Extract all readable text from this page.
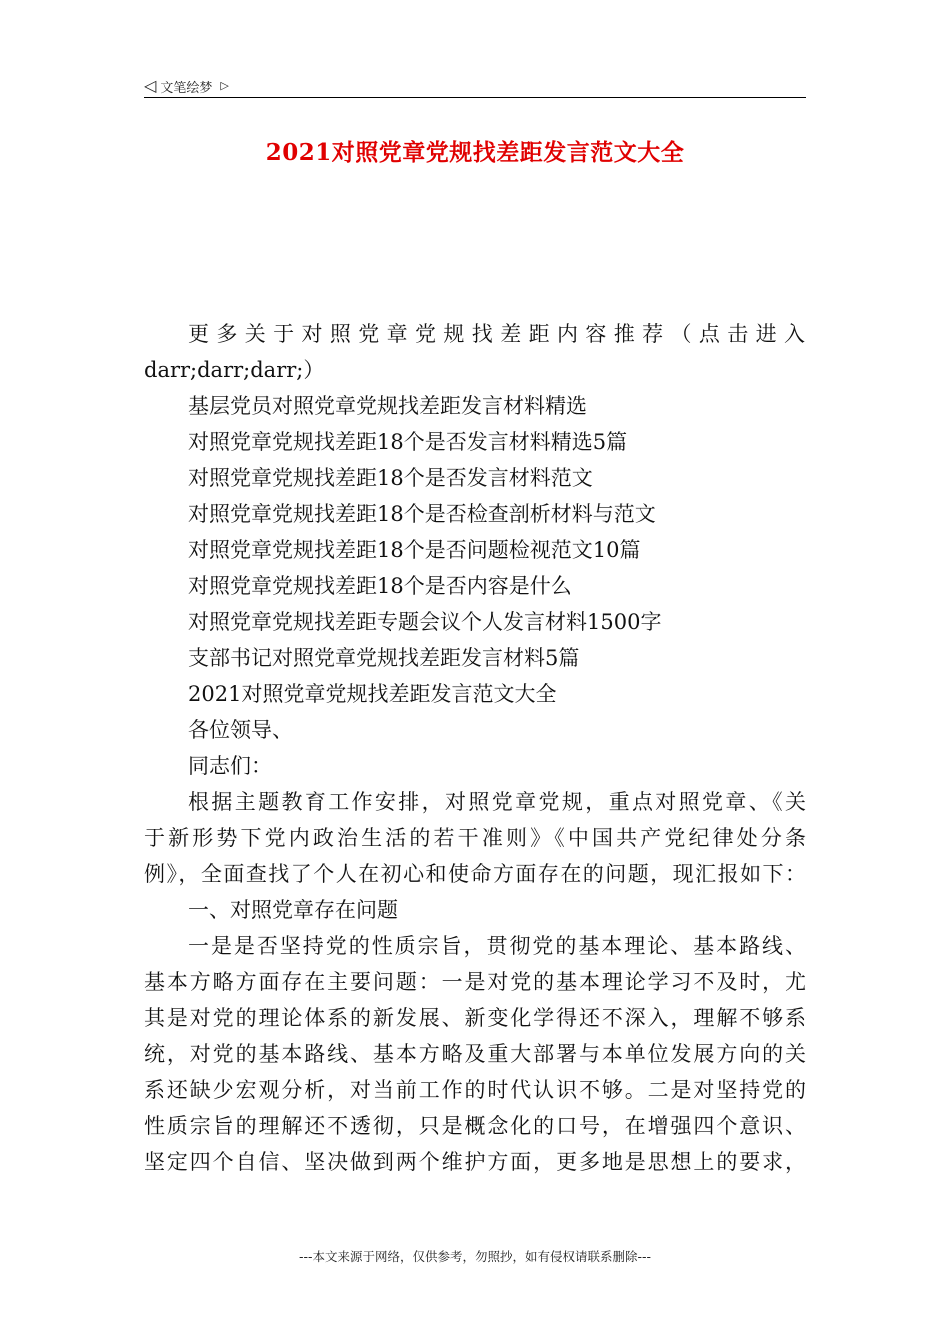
◁ 文笔绘梦 ▷
2021对照党章党规找差距发言范文大全
更多关于对照党章党规找差距内容推荐（点击进入
darr;darr;darr;）
基层党员对照党章党规找差距发言材料精选
对照党章党规找差距18个是否发言材料精选5篇
对照党章党规找差距18个是否发言材料范文
对照党章党规找差距18个是否检查剖析材料与范文
对照党章党规找差距18个是否问题检视范文10篇
对照党章党规找差距18个是否内容是什么
对照党章党规找差距专题会议个人发言材料1500字
支部书记对照党章党规找差距发言材料5篇
2021对照党章党规找差距发言范文大全
各位领导、
同志们：
根据主题教育工作安排，对照党章党规，重点对照党章、《关
于新形势下党内政治生活的若干准则》《中国共产党纪律处分条
例》，全面查找了个人在初心和使命方面存在的问题，现汇报如下：
一、对照党章存在问题
一是是否坚持党的性质宗旨，贯彻党的基本理论、基本路线、
基本方略方面存在主要问题：一是对党的基本理论学习不及时，尤
其是对党的理论体系的新发展、新变化学得还不深入，理解不够系
统，对党的基本路线、基本方略及重大部署与本单位发展方向的关
系还缺少宏观分析，对当前工作的时代认识不够。二是对坚持党的
性质宗旨的理解还不透彻，只是概念化的口号，在增强四个意识、
坚定四个自信、坚决做到两个维护方面，更多地是思想上的要求，
---本文来源于网络，仅供参考，勿照抄，如有侵权请联系删除---
